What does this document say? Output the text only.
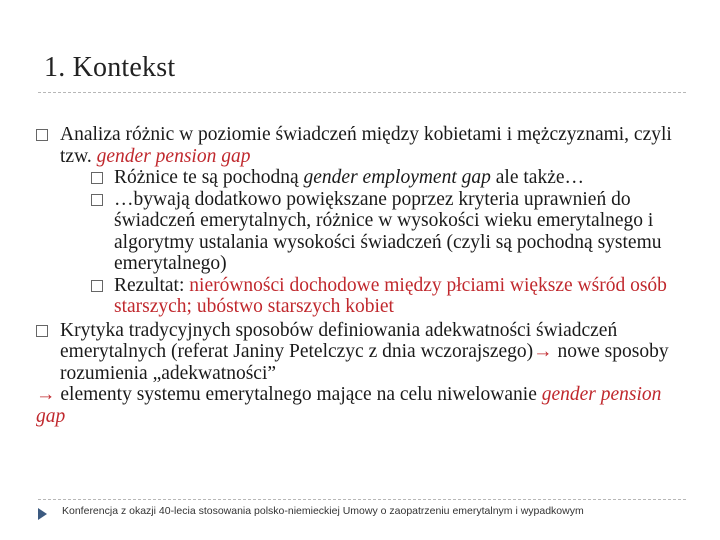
1. Kontekst
Analiza różnic w poziomie świadczeń między kobietami i mężczyznami, czyli tzw. gender pension gap
Różnice te są pochodną gender employment gap ale także…
…bywają dodatkowo powiększane poprzez kryteria uprawnień do świadczeń emerytalnych, różnice w wysokości wieku emerytalnego i algorytmy ustalania wysokości świadczeń (czyli są pochodną systemu emerytalnego)
Rezultat: nierówności dochodowe między płciami większe wśród osób starszych; ubóstwo starszych kobiet
Krytyka tradycyjnych sposobów definiowania adekwatności świadczeń emerytalnych (referat Janiny Petelczyc z dnia wczorajszego)→ nowe sposoby rozumienia „adekwatności”
→ elementy systemu emerytalnego mające na celu niwelowanie gender pension gap
Konferencja z okazji 40-lecia stosowania polsko-niemieckiej Umowy o zaopatrzeniu emerytalnym i wypadkowym
